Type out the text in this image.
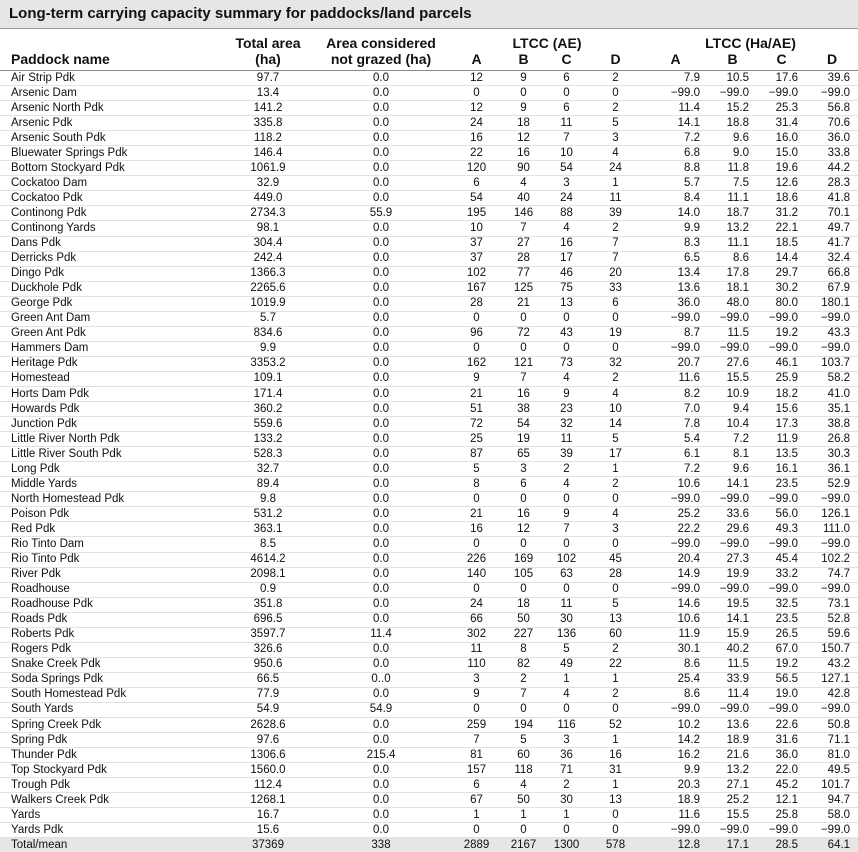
Long-term carrying capacity summary for paddocks/land parcels
	Total area	Area considered	LTCC (AE)				LTCC (Ha/AE)			
Paddock name	(ha)	not grazed (ha)	A	B	C	D	A	B	C	D
Air Strip Pdk	97.7	0.0	12	9	6	2	7.9	10.5	17.6	39.6
Arsenic Dam	13.4	0.0	0	0	0	0	−99.0	−99.0	−99.0	−99.0
Arsenic North Pdk	141.2	0.0	12	9	6	2	11.4	15.2	25.3	56.8
Arsenic Pdk	335.8	0.0	24	18	11	5	14.1	18.8	31.4	70.6
Arsenic South Pdk	118.2	0.0	16	12	7	3	7.2	9.6	16.0	36.0
Bluewater Springs Pdk	146.4	0.0	22	16	10	4	6.8	9.0	15.0	33.8
Bottom Stockyard Pdk	1061.9	0.0	120	90	54	24	8.8	11.8	19.6	44.2
Cockatoo Dam	32.9	0.0	6	4	3	1	5.7	7.5	12.6	28.3
Cockatoo Pdk	449.0	0.0	54	40	24	11	8.4	11.1	18.6	41.8
Continong Pdk	2734.3	55.9	195	146	88	39	14.0	18.7	31.2	70.1
Continong Yards	98.1	0.0	10	7	4	2	9.9	13.2	22.1	49.7
Dans Pdk	304.4	0.0	37	27	16	7	8.3	11.1	18.5	41.7
Derricks Pdk	242.4	0.0	37	28	17	7	6.5	8.6	14.4	32.4
Dingo Pdk	1366.3	0.0	102	77	46	20	13.4	17.8	29.7	66.8
Duckhole Pdk	2265.6	0.0	167	125	75	33	13.6	18.1	30.2	67.9
George Pdk	1019.9	0.0	28	21	13	6	36.0	48.0	80.0	180.1
Green Ant Dam	5.7	0.0	0	0	0	0	−99.0	−99.0	−99.0	−99.0
Green Ant Pdk	834.6	0.0	96	72	43	19	8.7	11.5	19.2	43.3
Hammers Dam	9.9	0.0	0	0	0	0	−99.0	−99.0	−99.0	−99.0
Heritage Pdk	3353.2	0.0	162	121	73	32	20.7	27.6	46.1	103.7
Homestead	109.1	0.0	9	7	4	2	11.6	15.5	25.9	58.2
Horts Dam Pdk	171.4	0.0	21	16	9	4	8.2	10.9	18.2	41.0
Howards Pdk	360.2	0.0	51	38	23	10	7.0	9.4	15.6	35.1
Junction Pdk	559.6	0.0	72	54	32	14	7.8	10.4	17.3	38.8
Little River North Pdk	133.2	0.0	25	19	11	5	5.4	7.2	11.9	26.8
Little River South Pdk	528.3	0.0	87	65	39	17	6.1	8.1	13.5	30.3
Long Pdk	32.7	0.0	5	3	2	1	7.2	9.6	16.1	36.1
Middle Yards	89.4	0.0	8	6	4	2	10.6	14.1	23.5	52.9
North Homestead Pdk	9.8	0.0	0	0	0	0	−99.0	−99.0	−99.0	−99.0
Poison Pdk	531.2	0.0	21	16	9	4	25.2	33.6	56.0	126.1
Red Pdk	363.1	0.0	16	12	7	3	22.2	29.6	49.3	111.0
Rio Tinto Dam	8.5	0.0	0	0	0	0	−99.0	−99.0	−99.0	−99.0
Rio Tinto Pdk	4614.2	0.0	226	169	102	45	20.4	27.3	45.4	102.2
River Pdk	2098.1	0.0	140	105	63	28	14.9	19.9	33.2	74.7
Roadhouse	0.9	0.0	0	0	0	0	−99.0	−99.0	−99.0	−99.0
Roadhouse Pdk	351.8	0.0	24	18	11	5	14.6	19.5	32.5	73.1
Roads Pdk	696.5	0.0	66	50	30	13	10.6	14.1	23.5	52.8
Roberts Pdk	3597.7	11.4	302	227	136	60	11.9	15.9	26.5	59.6
Rogers Pdk	326.6	0.0	11	8	5	2	30.1	40.2	67.0	150.7
Snake Creek Pdk	950.6	0.0	110	82	49	22	8.6	11.5	19.2	43.2
Soda Springs Pdk	66.5	0..0	3	2	1	1	25.4	33.9	56.5	127.1
South Homestead Pdk	77.9	0.0	9	7	4	2	8.6	11.4	19.0	42.8
South Yards	54.9	54.9	0	0	0	0	−99.0	−99.0	−99.0	−99.0
Spring Creek Pdk	2628.6	0.0	259	194	116	52	10.2	13.6	22.6	50.8
Spring Pdk	97.6	0.0	7	5	3	1	14.2	18.9	31.6	71.1
Thunder Pdk	1306.6	215.4	81	60	36	16	16.2	21.6	36.0	81.0
Top Stockyard Pdk	1560.0	0.0	157	118	71	31	9.9	13.2	22.0	49.5
Trough Pdk	112.4	0.0	6	4	2	1	20.3	27.1	45.2	101.7
Walkers Creek Pdk	1268.1	0.0	67	50	30	13	18.9	25.2	12.1	94.7
Yards	16.7	0.0	1	1	1	0	11.6	15.5	25.8	58.0
Yards Pdk	15.6	0.0	0	0	0	0	−99.0	−99.0	−99.0	−99.0
Total/mean	37369	338	2889	2167	1300	578	12.8	17.1	28.5	64.1
